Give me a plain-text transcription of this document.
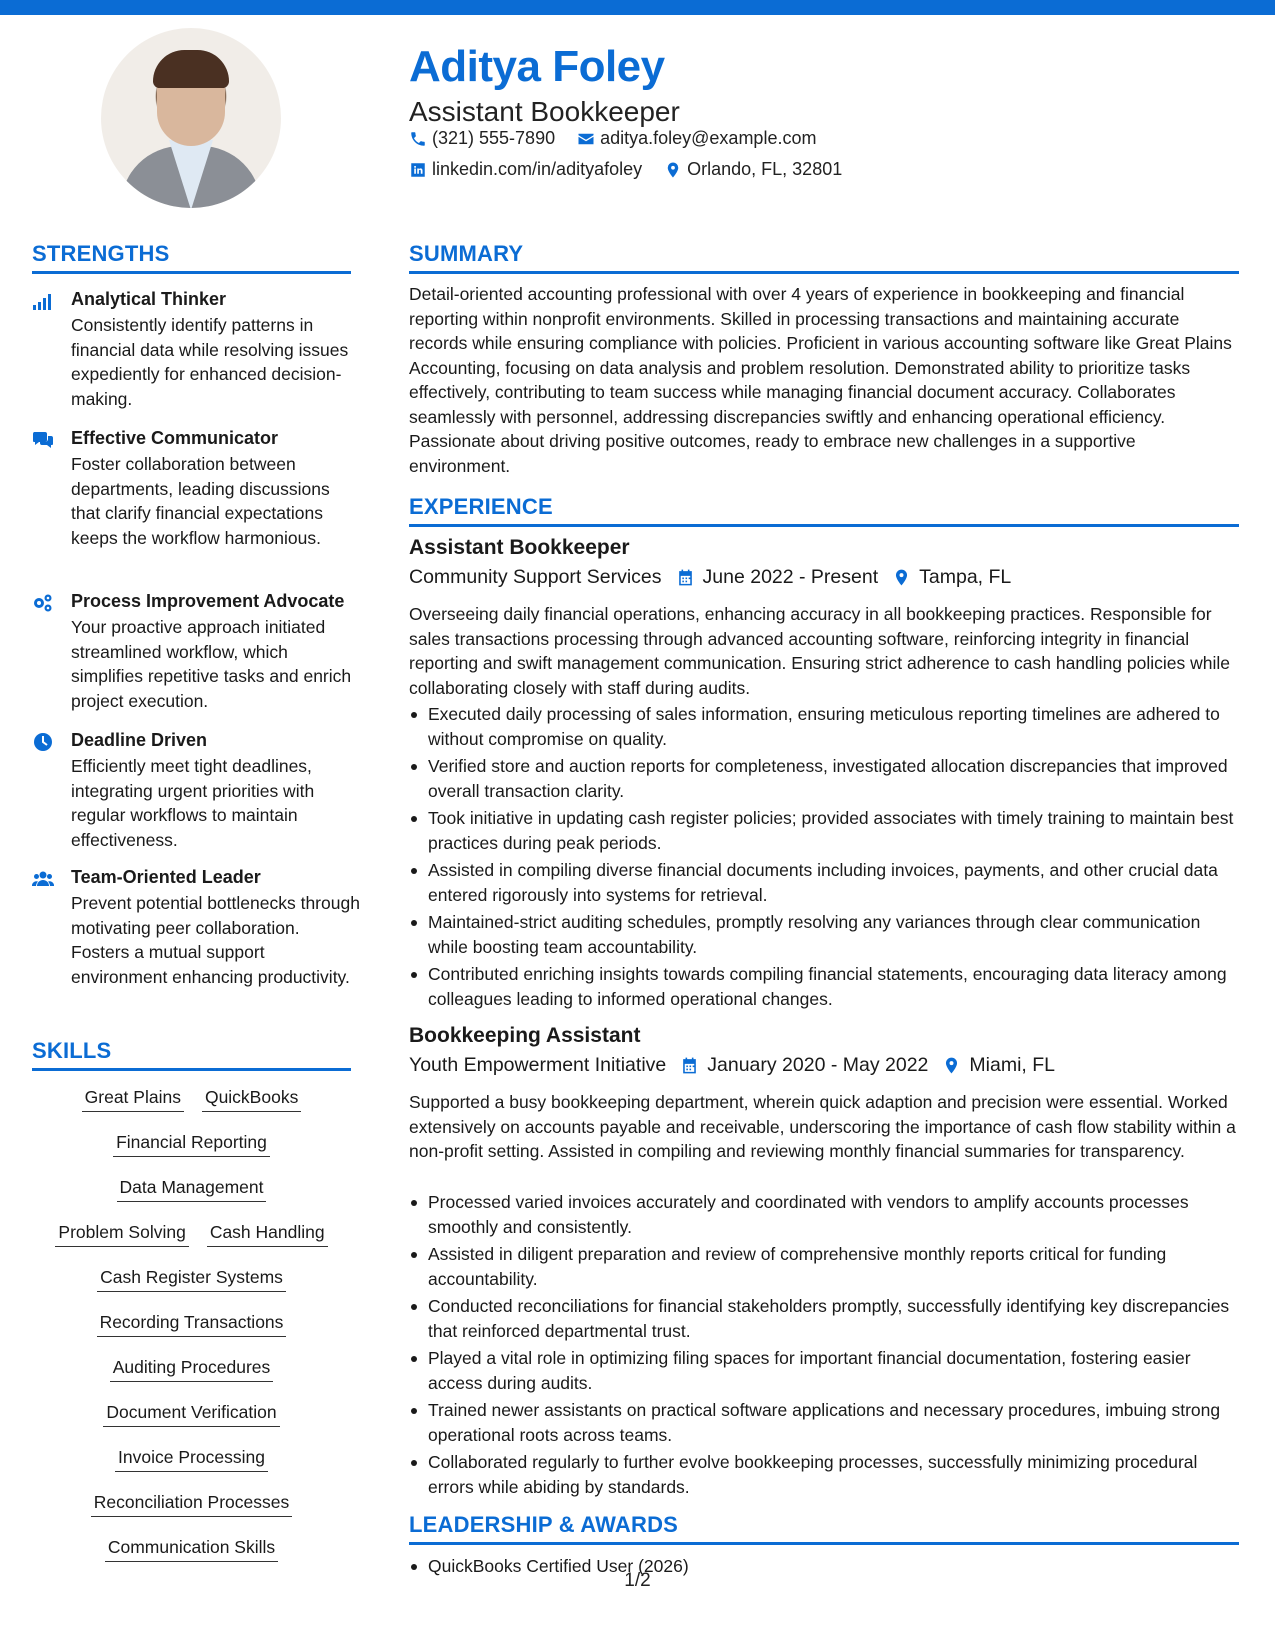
Aditya Foley
Assistant Bookkeeper
(321) 555-7890	aditya.foley@example.com
linkedin.com/in/adityafoley	Orlando, FL, 32801
STRENGTHS
Analytical Thinker
Consistently identify patterns in financial data while resolving issues expediently for enhanced decision-making.
Effective Communicator
Foster collaboration between departments, leading discussions that clarify financial expectations keeps the workflow harmonious.
Process Improvement Advocate
Your proactive approach initiated streamlined workflow, which simplifies repetitive tasks and enrich project execution.
Deadline Driven
Efficiently meet tight deadlines, integrating urgent priorities with regular workflows to maintain effectiveness.
Team-Oriented Leader
Prevent potential bottlenecks through motivating peer collaboration. Fosters a mutual support environment enhancing productivity.
SKILLS
Great Plains QuickBooks
Financial Reporting
Data Management
Problem Solving Cash Handling
Cash Register Systems
Recording Transactions
Auditing Procedures
Document Verification
Invoice Processing
Reconciliation Processes
Communication Skills
SUMMARY

Detail-oriented accounting professional with over 4 years of experience in bookkeeping and financial reporting within nonprofit environments. Skilled in processing transactions and maintaining accurate records while ensuring compliance with policies. Proficient in various accounting software like Great Plains Accounting, focusing on data analysis and problem resolution. Demonstrated ability to prioritize tasks effectively, contributing to team success while managing financial document accuracy. Collaborates seamlessly with personnel, addressing discrepancies swiftly and enhancing operational efficiency. Passionate about driving positive outcomes, ready to embrace new challenges in a supportive environment.

EXPERIENCE
Assistant Bookkeeper
Community Support Services June 2022 - Present Tampa, FL

Overseeing daily financial operations, enhancing accuracy in all bookkeeping practices. Responsible for sales transactions processing through advanced accounting software, reinforcing integrity in financial reporting and swift management communication. Ensuring strict adherence to cash handling policies while collaborating closely with staff during audits.

Executed daily processing of sales information, ensuring meticulous reporting timelines are adhered to without compromise on quality.
Verified store and auction reports for completeness, investigated allocation discrepancies that improved overall transaction clarity.
Took initiative in updating cash register policies; provided associates with timely training to maintain best practices during peak periods.
Assisted in compiling diverse financial documents including invoices, payments, and other crucial data entered rigorously into systems for retrieval.
Maintained-strict auditing schedules, promptly resolving any variances through clear communication while boosting team accountability.
Contributed enriching insights towards compiling financial statements, encouraging data literacy among colleagues leading to informed operational changes.
Bookkeeping Assistant
Youth Empowerment Initiative January 2020 - May 2022 Miami, FL

Supported a busy bookkeeping department, wherein quick adaption and precision were essential. Worked extensively on accounts payable and receivable, underscoring the importance of cash flow stability within a non-profit setting. Assisted in compiling and reviewing monthly financial summaries for transparency.

Processed varied invoices accurately and coordinated with vendors to amplify accounts processes smoothly and consistently.
Assisted in diligent preparation and review of comprehensive monthly reports critical for funding accountability.
Conducted reconciliations for financial stakeholders promptly, successfully identifying key discrepancies that reinforced departmental trust.
Played a vital role in optimizing filing spaces for important financial documentation, fostering easier access during audits.
Trained newer assistants on practical software applications and necessary procedures, imbuing strong operational roots across teams.
Collaborated regularly to further evolve bookkeeping processes, successfully minimizing procedural errors while abiding by standards.
LEADERSHIP & AWARDS
QuickBooks Certified User (2026)
1/2
